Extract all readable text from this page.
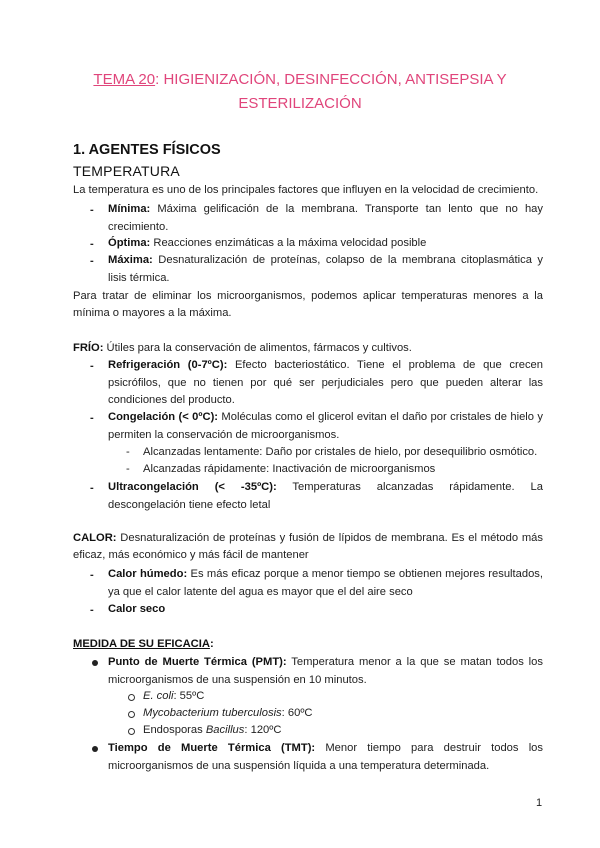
TEMA 20: HIGIENIZACIÓN, DESINFECCIÓN, ANTISEPSIA Y
ESTERILIZACIÓN
1. AGENTES FÍSICOS
TEMPERATURA
La temperatura es uno de los principales factores que influyen en la velocidad de crecimiento.
- Mínima: Máxima gelificación de la membrana. Transporte tan lento que no hay crecimiento.
- Óptima: Reacciones enzimáticas a la máxima velocidad posible
- Máxima: Desnaturalización de proteínas, colapso de la membrana citoplasmática y lisis térmica.
Para tratar de eliminar los microorganismos, podemos aplicar temperaturas menores a la mínima o mayores a la máxima.
FRÍO: Útiles para la conservación de alimentos, fármacos y cultivos.
- Refrigeración (0-7ºC): Efecto bacteriostático. Tiene el problema de que crecen psicrófilos, que no tienen por qué ser perjudiciales pero que pueden alterar las condiciones del producto.
- Congelación (< 0ºC): Moléculas como el glicerol evitan el daño por cristales de hielo y permiten la conservación de microorganismos.
- Alcanzadas lentamente: Daño por cristales de hielo, por desequilibrio osmótico.
- Alcanzadas rápidamente: Inactivación de microorganismos
- Ultracongelación (< -35ºC): Temperaturas alcanzadas rápidamente. La descongelación tiene efecto letal
CALOR: Desnaturalización de proteínas y fusión de lípidos de membrana. Es el método más eficaz, más económico y más fácil de mantener
- Calor húmedo: Es más eficaz porque a menor tiempo se obtienen mejores resultados, ya que el calor latente del agua es mayor que el del aire seco
- Calor seco
MEDIDA DE SU EFICACIA:
Punto de Muerte Térmica (PMT): Temperatura menor a la que se matan todos los microorganismos de una suspensión en 10 minutos.
E. coli: 55ºC
Mycobacterium tuberculosis: 60ºC
Endosporas Bacillus: 120ºC
Tiempo de Muerte Térmica (TMT): Menor tiempo para destruir todos los microorganismos de una suspensión líquida a una temperatura determinada.
1
